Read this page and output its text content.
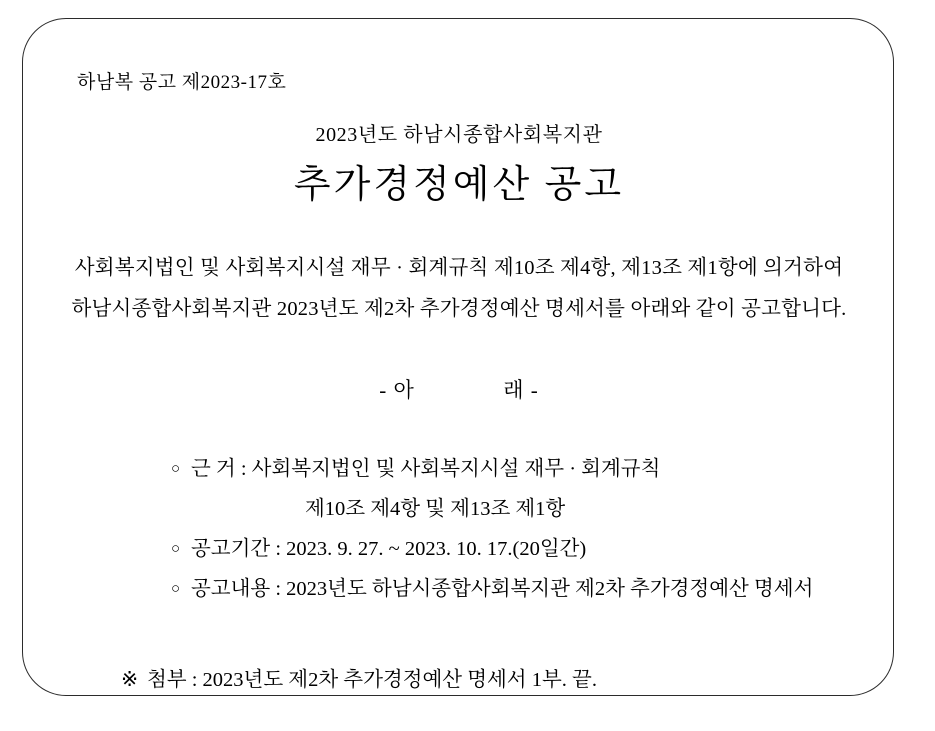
하남복 공고 제2023-17호
2023년도 하남시종합사회복지관
추가경정예산 공고
사회복지법인 및 사회복지시설 재무 · 회계규칙 제10조 제4항, 제13조 제1항에 의거하여
하남시종합사회복지관 2023년도 제2차 추가경정예산 명세서를 아래와 같이 공고합니다.
- 아	래 -
○ 근 거 : 사회복지법인 및 사회복지시설 재무 · 회계규칙
제10조 제4항 및 제13조 제1항
○ 공고기간 : 2023. 9. 27. ~ 2023. 10. 17.(20일간)
○ 공고내용 : 2023년도 하남시종합사회복지관 제2차 추가경정예산 명세서
※ 첨부 : 2023년도 제2차 추가경정예산 명세서 1부. 끝.
